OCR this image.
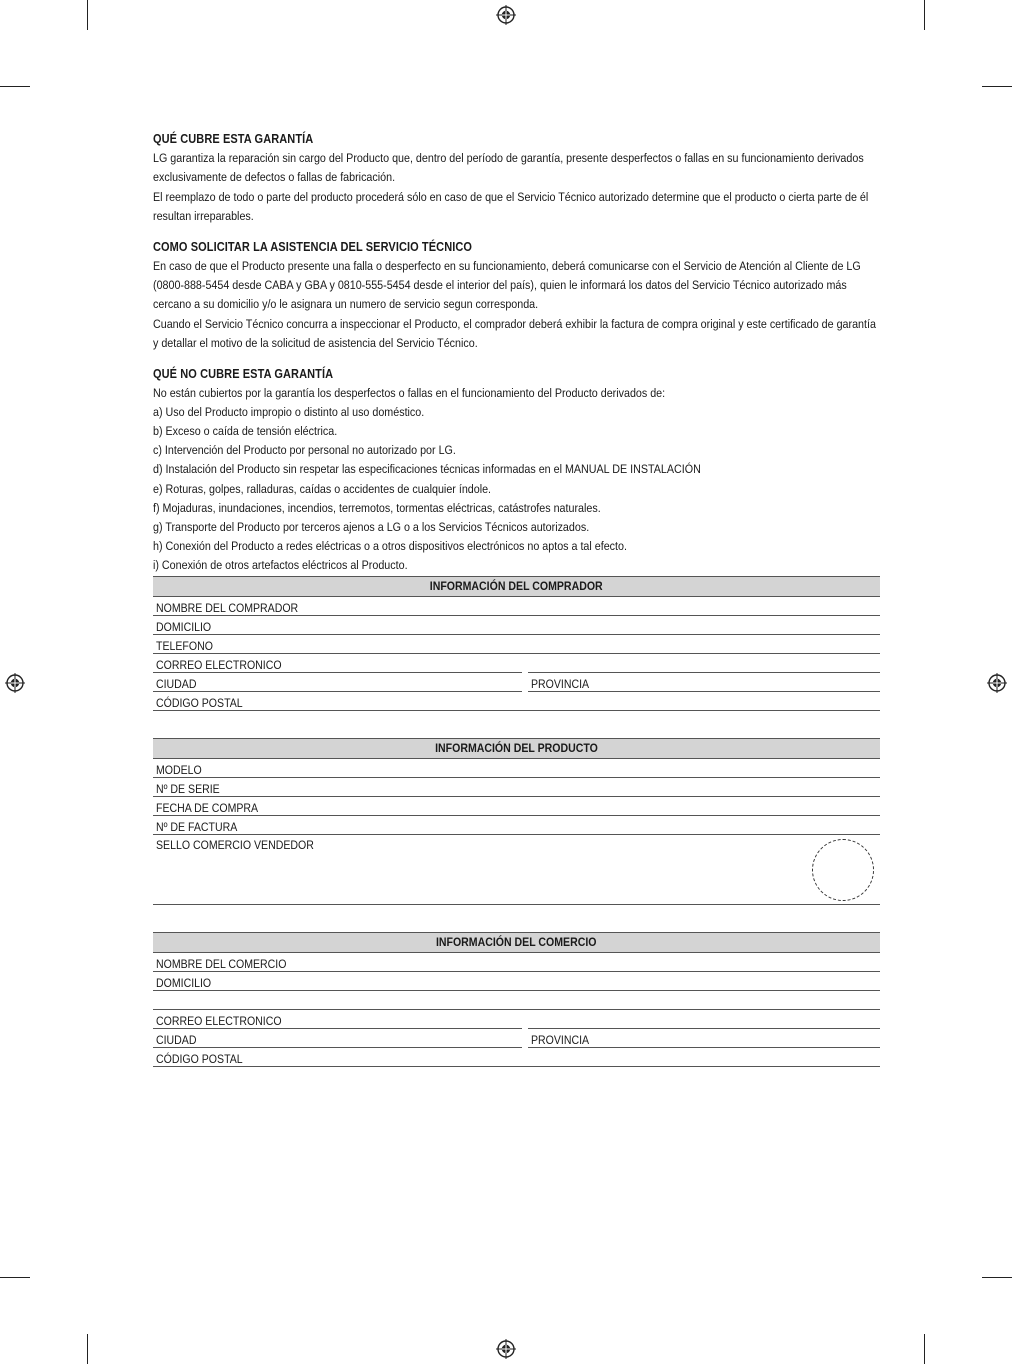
QUÉ CUBRE ESTA GARANTÍA

LG garantiza la reparación sin cargo del Producto que, dentro del período de garantía, presente desperfectos o fallas en su funcionamiento derivados exclusivamente de defectos o fallas de fabricación.

El reemplazo de todo o parte del producto procederá sólo en caso de que el Servicio Técnico autorizado determine que el producto o cierta parte de él resultan irreparables.

COMO SOLICITAR LA ASISTENCIA DEL SERVICIO TÉCNICO

En caso de que el Producto presente una falla o desperfecto en su funcionamiento, deberá comunicarse con el Servicio de Atención al Cliente de LG (0800-888-5454 desde CABA y GBA y 0810-555-5454 desde el interior del país), quien le informará los datos del Servicio Técnico autorizado más cercano a su domicilio y/o le asignara un numero de servicio segun corresponda.

Cuando el Servicio Técnico concurra a inspeccionar el Producto, el comprador deberá exhibir la factura de compra original y este certificado de garantía y detallar el motivo de la solicitud de asistencia del Servicio Técnico.

QUÉ NO CUBRE ESTA GARANTÍA
No están cubiertos por la garantía los desperfectos o fallas en el funcionamiento del Producto derivados de:
a) Uso del Producto impropio o distinto al uso doméstico.
b) Exceso o caída de tensión eléctrica.
c) Intervención del Producto por personal no autorizado por LG.
d) Instalación del Producto sin respetar las especificaciones técnicas informadas en el MANUAL DE INSTALACIÓN
e) Roturas, golpes, ralladuras, caídas o accidentes de cualquier índole.
f) Mojaduras, inundaciones, incendios, terremotos, tormentas eléctricas, catástrofes naturales.
g) Transporte del Producto por terceros ajenos a LG o a los Servicios Técnicos autorizados.
h) Conexión del Producto a redes eléctricas o a otros dispositivos electrónicos no aptos a tal efecto.
i) Conexión de otros artefactos eléctricos al Producto.
INFORMACIÓN DEL COMPRADOR
NOMBRE DEL COMPRADOR
DOMICILIO
TELEFONO
CORREO ELECTRONICO
CIUDAD	PROVINCIA
CÓDIGO POSTAL
INFORMACIÓN DEL PRODUCTO
MODELO
Nº DE SERIE
FECHA DE COMPRA
Nº DE FACTURA
SELLO COMERCIO VENDEDOR
INFORMACIÓN DEL COMERCIO
NOMBRE DEL COMERCIO
DOMICILIO

CORREO ELECTRONICO
CIUDAD	PROVINCIA
CÓDIGO POSTAL
